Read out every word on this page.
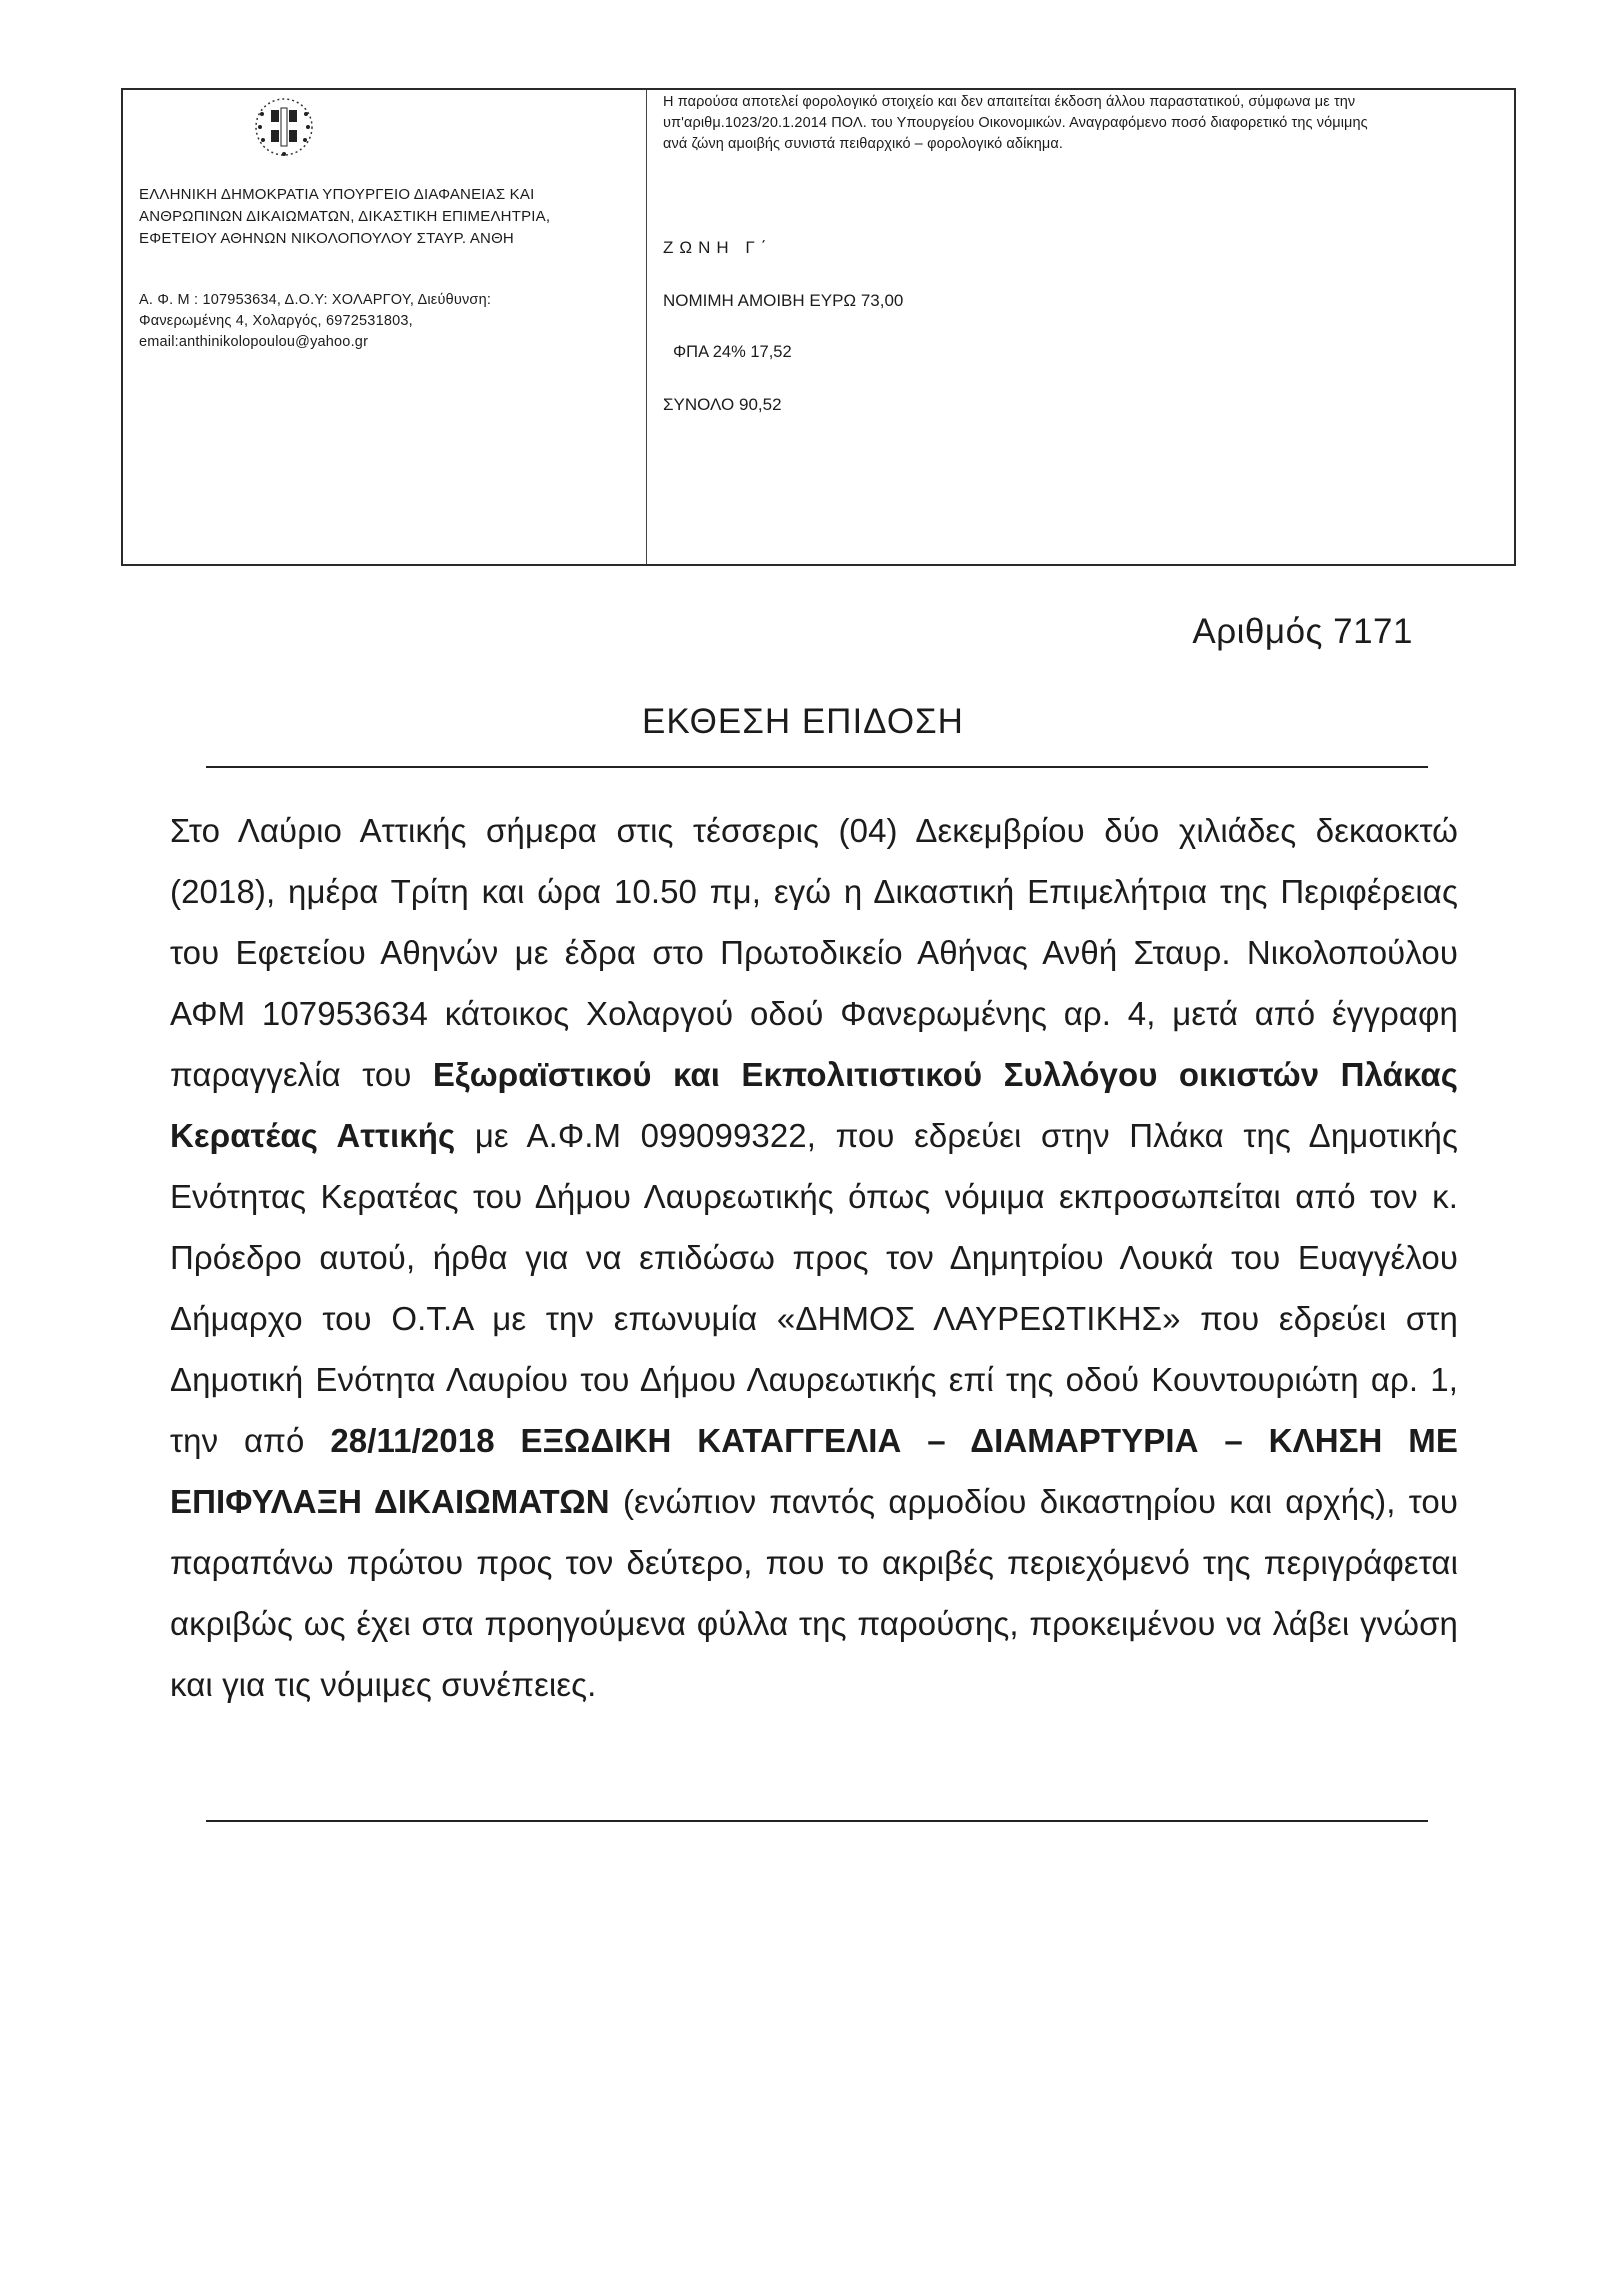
ΕΛΛΗΝΙΚΗ ΔΗΜΟΚΡΑΤΙΑ ΥΠΟΥΡΓΕΙΟ ΔΙΑΦΑΝΕΙΑΣ ΚΑΙ
ΑΝΘΡΩΠΙΝΩΝ ΔΙΚΑΙΩΜΑΤΩΝ, ΔΙΚΑΣΤΙΚΗ ΕΠΙΜΕΛΗΤΡΙΑ,
ΕΦΕΤΕΙΟΥ ΑΘΗΝΩΝ ΝΙΚΟΛΟΠΟΥΛΟΥ ΣΤΑΥΡ. ΑΝΘΗ
Α. Φ. Μ : 107953634, Δ.Ο.Υ: ΧΟΛΑΡΓΟΥ, Διεύθυνση:
Φανερωμένης 4, Χολαργός, 6972531803,
email:anthinikolopoulou@yahoo.gr
Η παρούσα αποτελεί φορολογικό στοιχείο και δεν απαιτείται έκδοση άλλου παραστατικού, σύμφωνα με την
υπ'αριθμ.1023/20.1.2014 ΠΟΛ. του Υπουργείου Οικονομικών. Αναγραφόμενο ποσό διαφορετικό της νόμιμης
ανά ζώνη αμοιβής συνιστά πειθαρχικό – φορολογικό αδίκημα.
ΖΩΝΗ Γ΄
ΝΟΜΙΜΗ ΑΜΟΙΒΗ ΕΥΡΩ 73,00
ΦΠΑ 24% 17,52
ΣΥΝΟΛΟ 90,52
Αριθμός 7171
ΕΚΘΕΣΗ ΕΠΙΔΟΣΗ
Στο Λαύριο Αττικής σήμερα στις τέσσερις (04) Δεκεμβρίου δύο χιλιάδες δεκαοκτώ (2018), ημέρα Τρίτη και ώρα 10.50 πμ, εγώ η Δικαστική Επιμελήτρια της Περιφέρειας του Εφετείου Αθηνών με έδρα στο Πρωτοδικείο Αθήνας Ανθή Σταυρ. Νικολοπούλου ΑΦΜ 107953634 κάτοικος Χολαργού οδού Φανερωμένης αρ. 4, μετά από έγγραφη παραγγελία του Εξωραϊστικού και Εκπολιτιστικού Συλλόγου οικιστών Πλάκας Κερατέας Αττικής με Α.Φ.Μ 099099322, που εδρεύει στην Πλάκα της Δημοτικής Ενότητας Κερατέας του Δήμου Λαυρεωτικής όπως νόμιμα εκπροσωπείται από τον κ. Πρόεδρο αυτού, ήρθα για να επιδώσω προς τον Δημητρίου Λουκά του Ευαγγέλου Δήμαρχο του Ο.Τ.Α με την επωνυμία «ΔΗΜΟΣ ΛΑΥΡΕΩΤΙΚΗΣ» που εδρεύει στη Δημοτική Ενότητα Λαυρίου του Δήμου Λαυρεωτικής επί της οδού Κουντουριώτη αρ. 1, την από 28/11/2018 ΕΞΩΔΙΚΗ ΚΑΤΑΓΓΕΛΙΑ – ΔΙΑΜΑΡΤΥΡΙΑ – ΚΛΗΣΗ ΜΕ ΕΠΙΦΥΛΑΞΗ ΔΙΚΑΙΩΜΑΤΩΝ (ενώπιον παντός αρμοδίου δικαστηρίου και αρχής), του παραπάνω πρώτου προς τον δεύτερο, που το ακριβές περιεχόμενό της περιγράφεται ακριβώς ως έχει στα προηγούμενα φύλλα της παρούσης, προκειμένου να λάβει γνώση και για τις νόμιμες συνέπειες.
